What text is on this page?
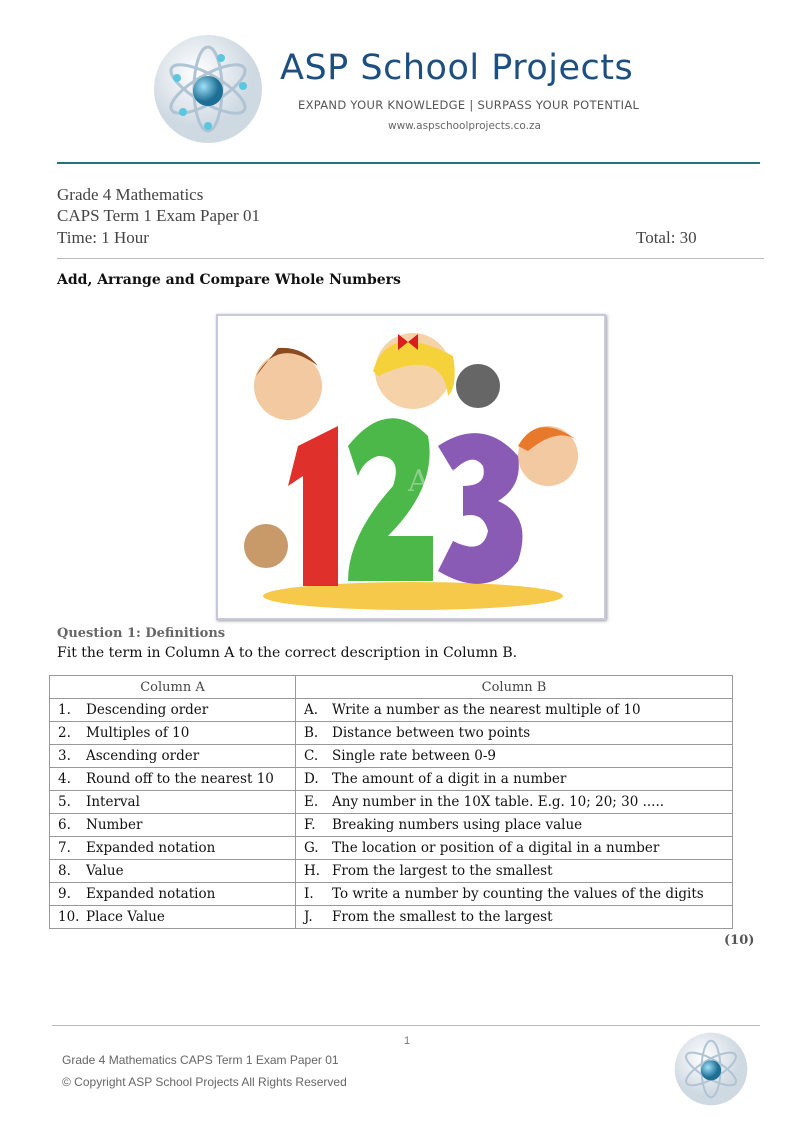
ASP School Projects
EXPAND YOUR KNOWLEDGE | SURPASS YOUR POTENTIAL
www.aspschoolprojects.co.za
Grade 4 Mathematics
CAPS Term 1 Exam Paper 01
Time: 1 Hour	Total: 30
Add, Arrange and Compare Whole Numbers
ASP
Question 1: Definitions
Fit the term in Column A to the correct description in Column B.
Column A	Column B
1. Descending order	A. Write a number as the nearest multiple of 10
2. Multiples of 10	B. Distance between two points
3. Ascending order	C. Single rate between 0-9
4. Round off to the nearest 10	D. The amount of a digit in a number
5. Interval	E. Any number in the 10X table. E.g. 10; 20; 30 .....
6. Number	F. Breaking numbers using place value
7. Expanded notation	G. The location or position of a digital in a number
8. Value	H. From the largest to the smallest
9. Expanded notation	I. To write a number by counting the values of the digits
10. Place Value	J. From the smallest to the largest
(10)
1
Grade 4 Mathematics CAPS Term 1 Exam Paper 01
© Copyright ASP School Projects All Rights Reserved
